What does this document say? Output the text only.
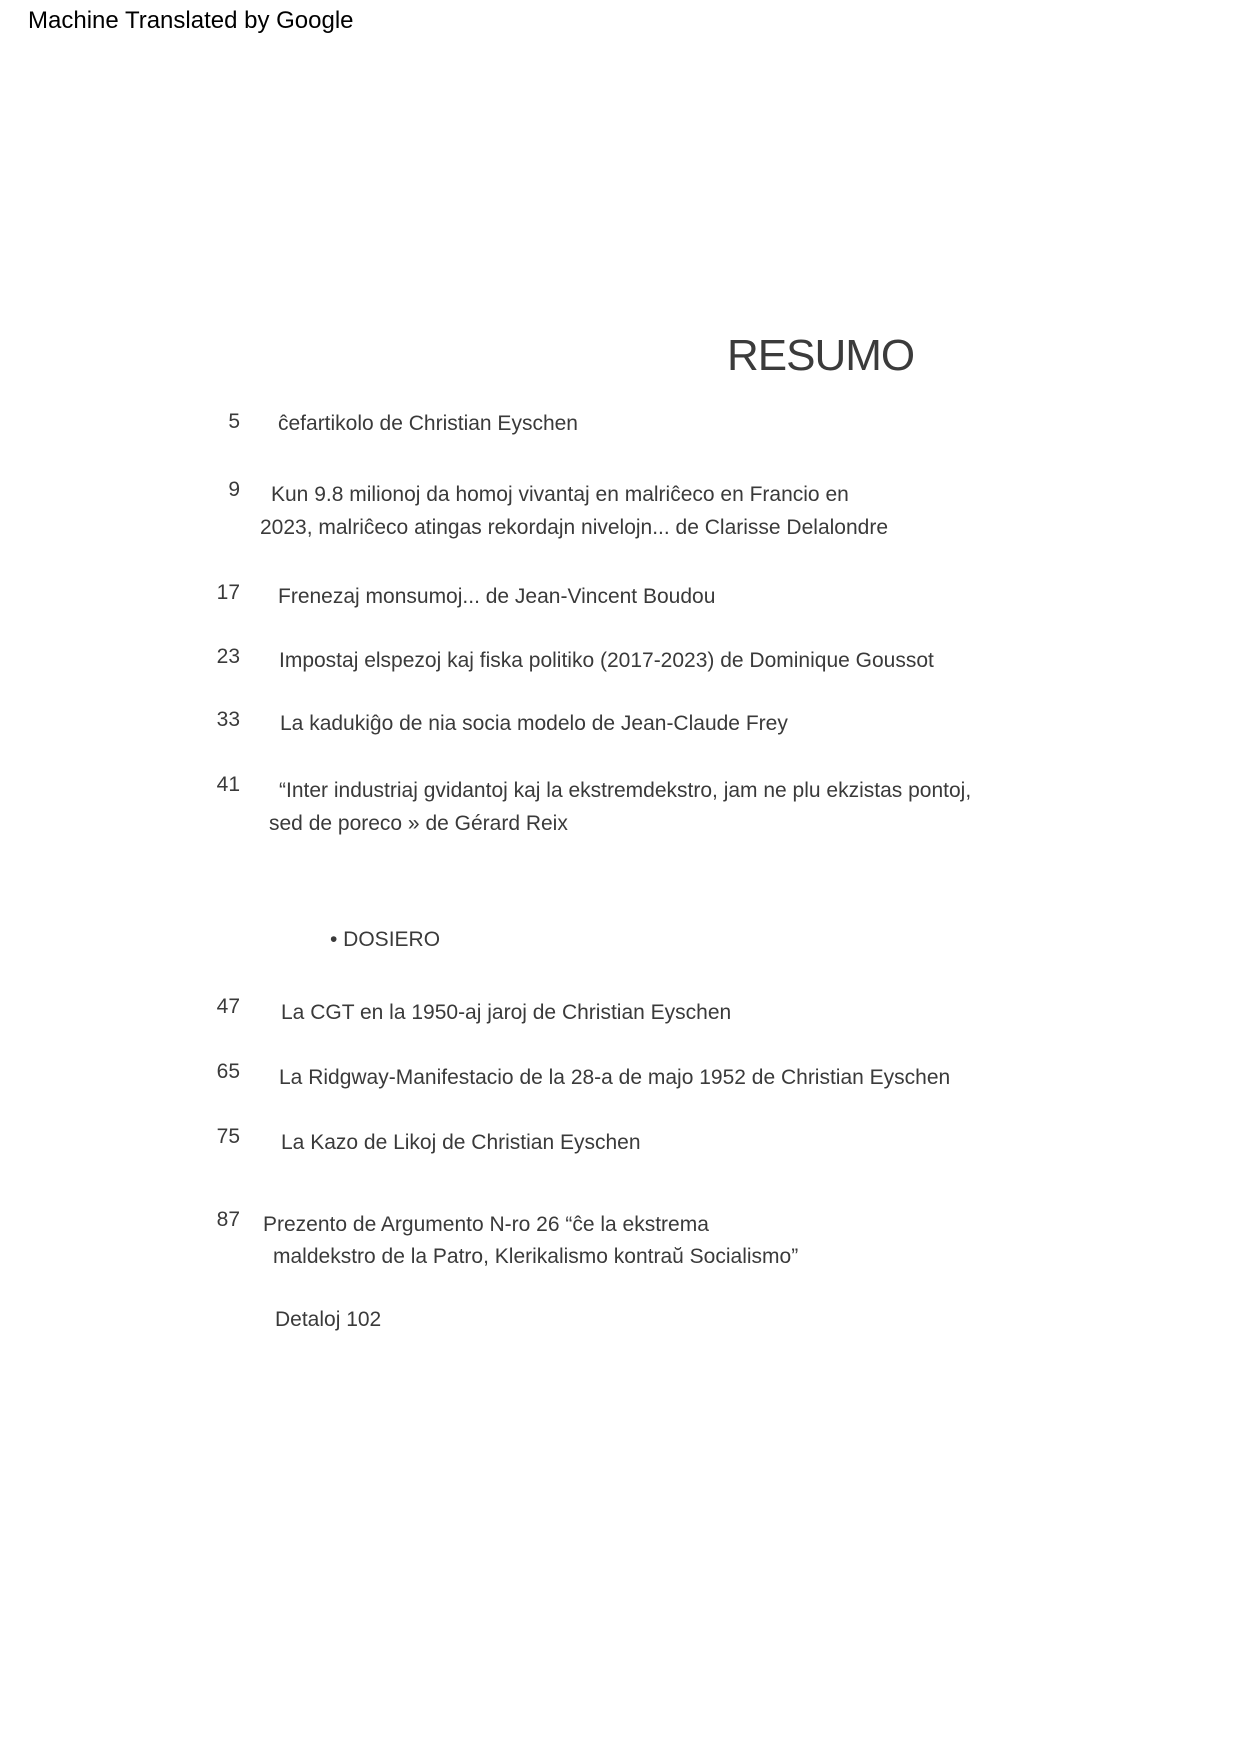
Machine Translated by Google
RESUMO
5 ĉefartikolo de Christian Eyschen
9 Kun 9.8 milionoj da homoj vivantaj en malriĉeco en Francio en
2023, malriĉeco atingas rekordajn nivelojn... de Clarisse Delalondre
17 Frenezaj monsumoj... de Jean-Vincent Boudou
23 Impostaj elspezoj kaj fiska politiko (2017-2023) de Dominique Goussot
33 La kadukiĝo de nia socia modelo de Jean-Claude Frey
41 “Inter industriaj gvidantoj kaj la ekstremdekstro, jam ne plu ekzistas pontoj,
sed de poreco » de Gérard Reix
• DOSIERO
47 La CGT en la 1950-aj jaroj de Christian Eyschen
65 La Ridgway-Manifestacio de la 28-a de majo 1952 de Christian Eyschen
75 La Kazo de Likoj de Christian Eyschen
87 Prezento de Argumento N-ro 26 “ĉe la ekstrema
maldekstro de la Patro, Klerikalismo kontraŭ Socialismo”
Detaloj 102
